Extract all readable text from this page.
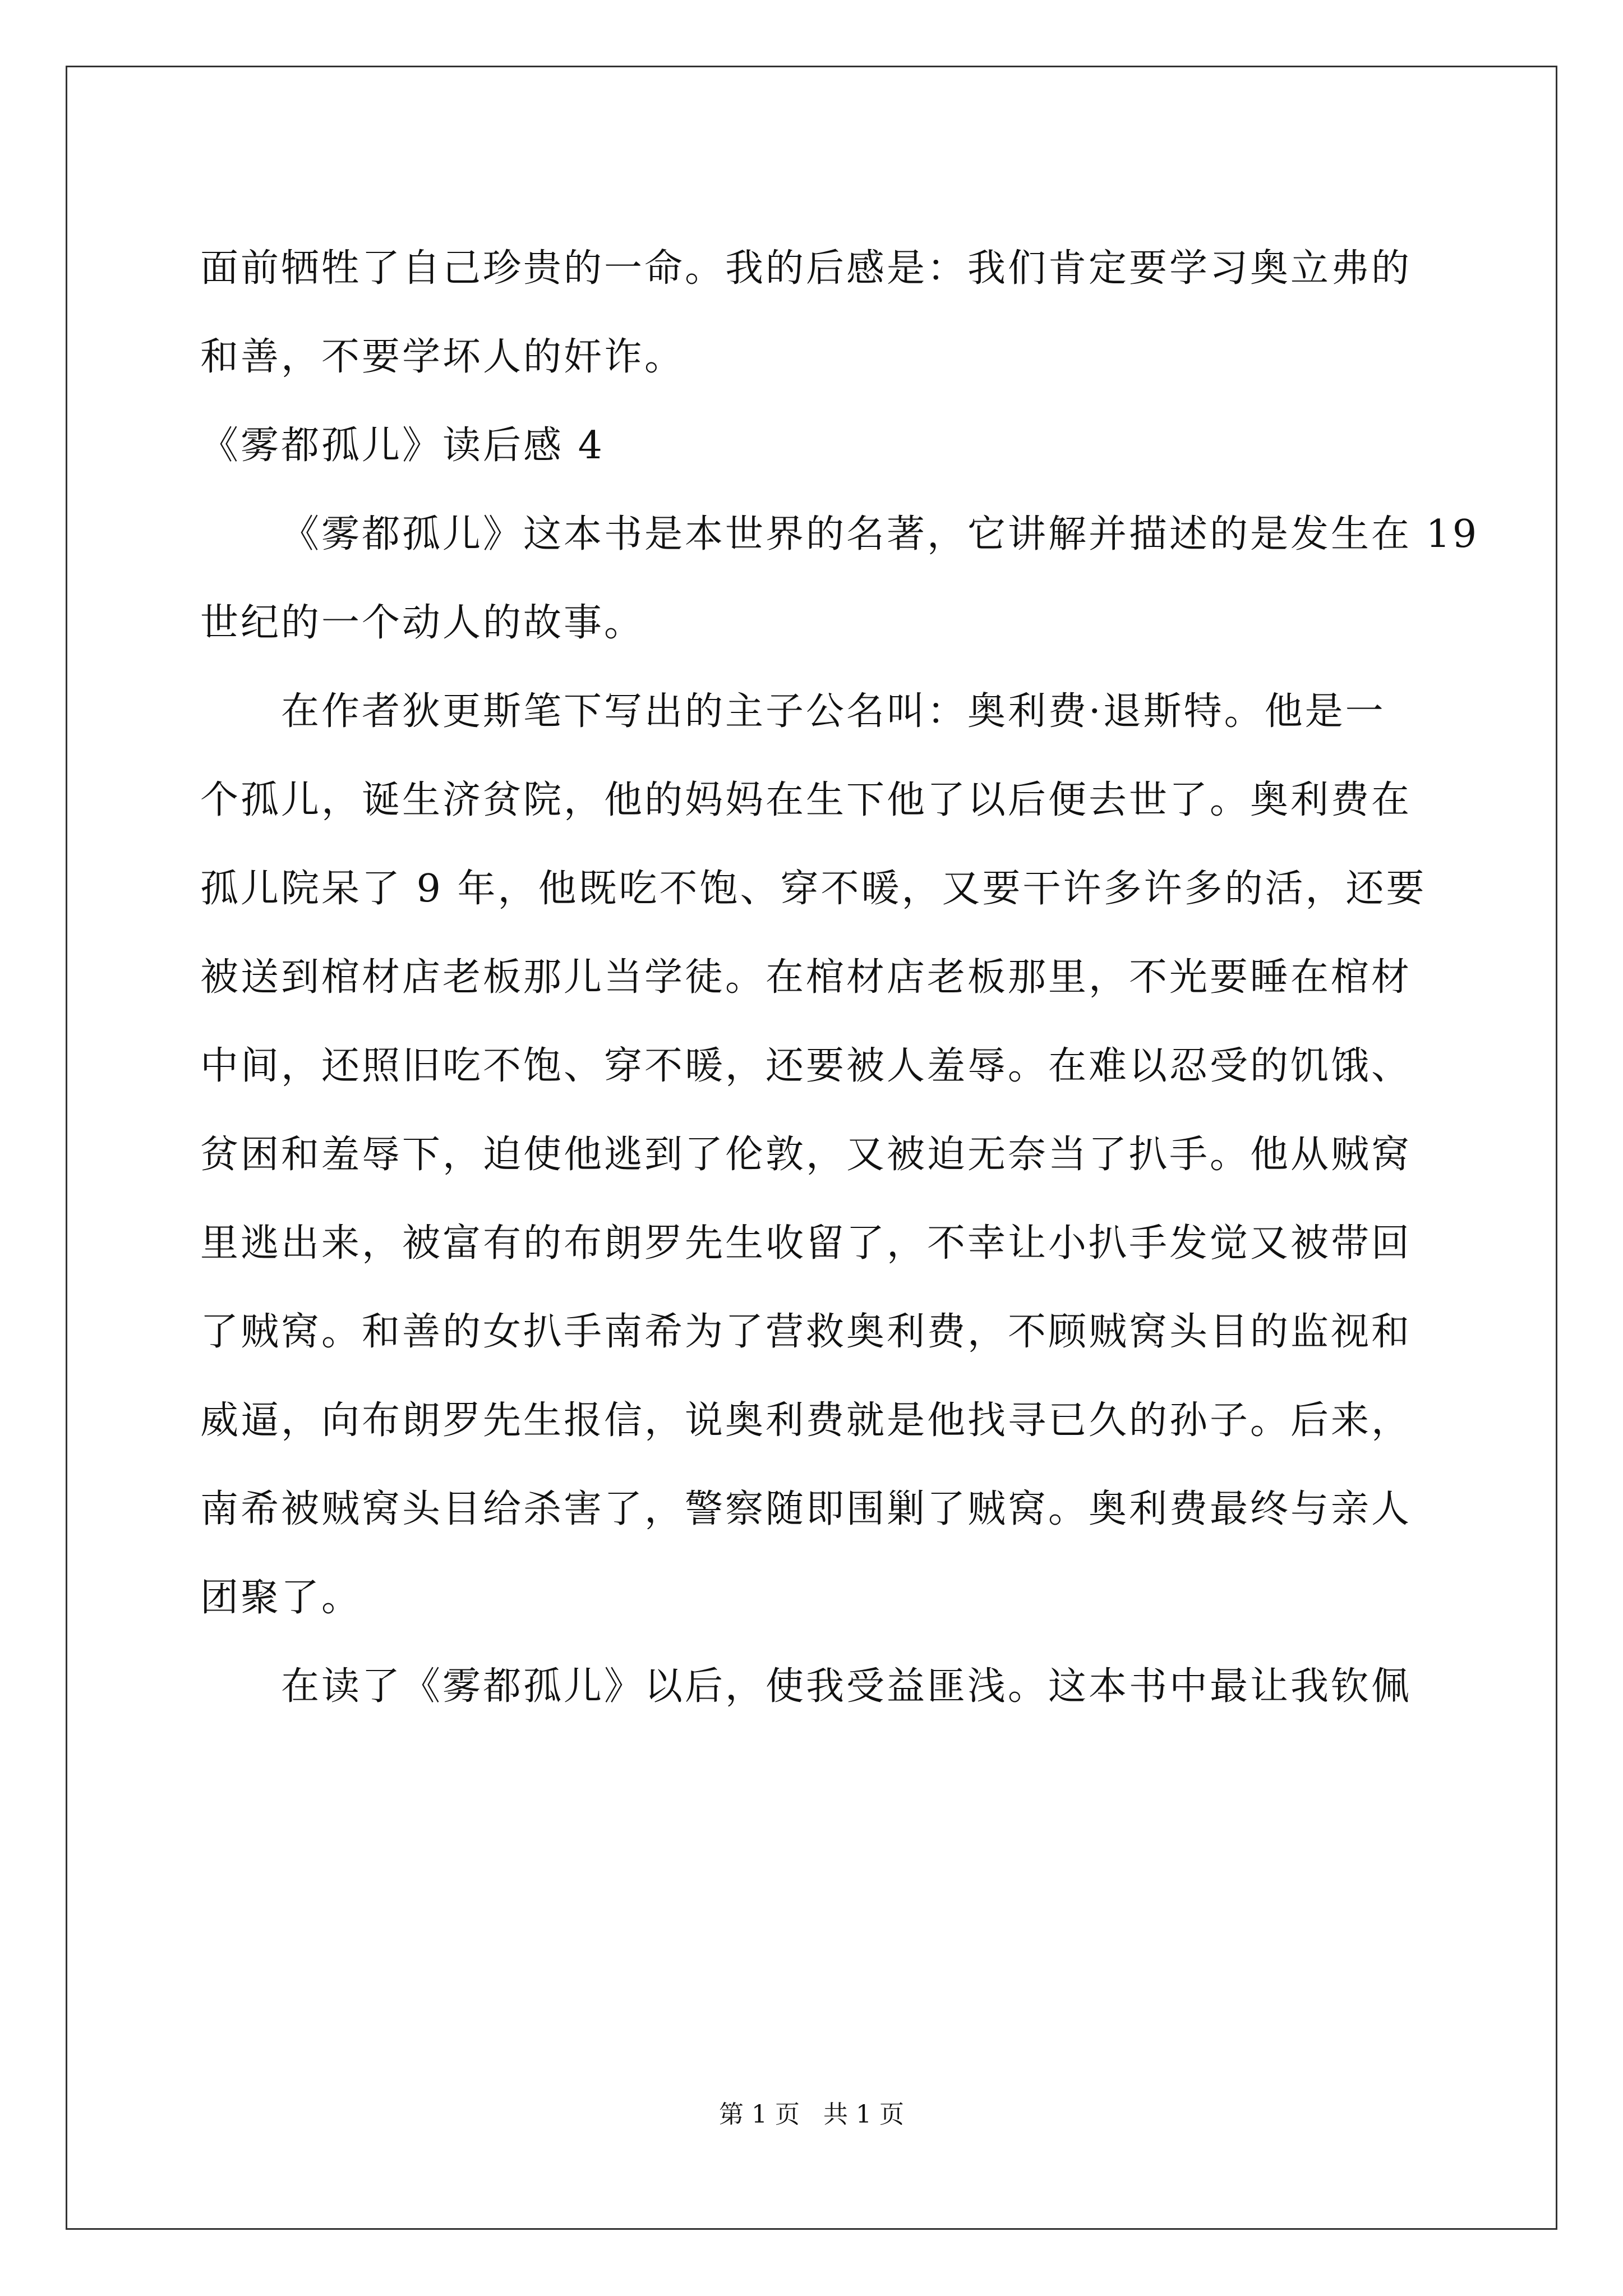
面前牺牲了自己珍贵的一命。我的后感是：我们肯定要学习奥立弗的
和善，不要学坏人的奸诈。
《雾都孤儿》读后感 4
《雾都孤儿》这本书是本世界的名著，它讲解并描述的是发生在 19
世纪的一个动人的故事。
在作者狄更斯笔下写出的主子公名叫：奥利费·退斯特。他是一
个孤儿，诞生济贫院，他的妈妈在生下他了以后便去世了。奥利费在
孤儿院呆了 9 年，他既吃不饱、穿不暖，又要干许多许多的活，还要
被送到棺材店老板那儿当学徒。在棺材店老板那里，不光要睡在棺材
中间，还照旧吃不饱、穿不暖，还要被人羞辱。在难以忍受的饥饿、
贫困和羞辱下，迫使他逃到了伦敦，又被迫无奈当了扒手。他从贼窝
里逃出来，被富有的布朗罗先生收留了，不幸让小扒手发觉又被带回
了贼窝。和善的女扒手南希为了营救奥利费，不顾贼窝头目的监视和
威逼，向布朗罗先生报信，说奥利费就是他找寻已久的孙子。后来，
南希被贼窝头目给杀害了，警察随即围剿了贼窝。奥利费最终与亲人
团聚了。
在读了《雾都孤儿》以后，使我受益匪浅。这本书中最让我钦佩
第 1 页   共 1 页
